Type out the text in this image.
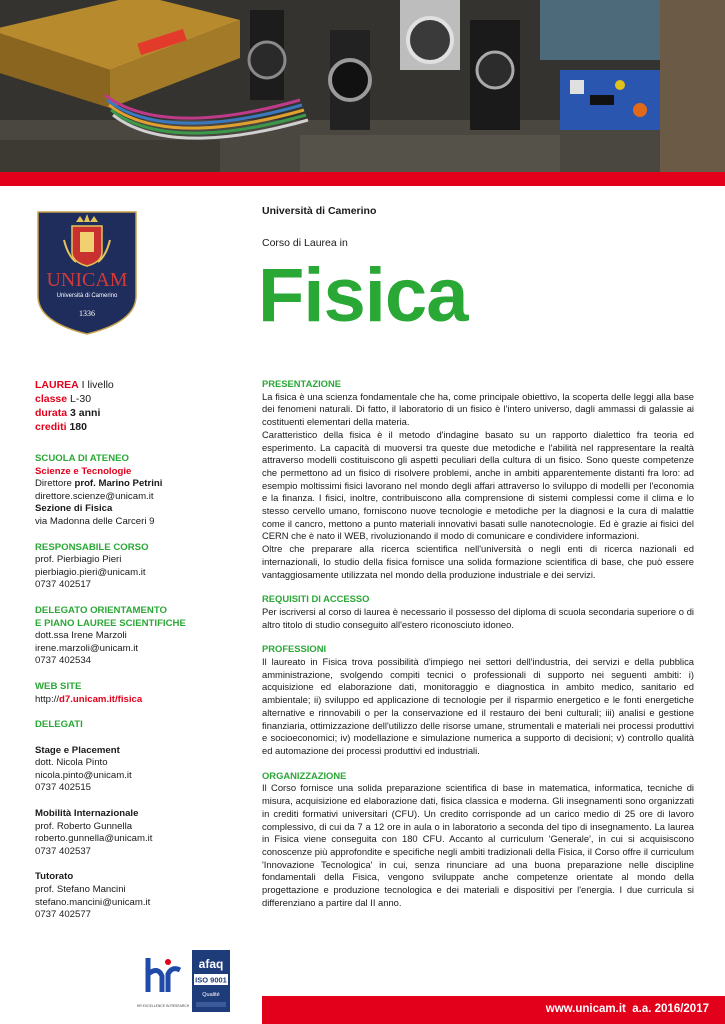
UNICAM
Università di Camerino
1336
Università di Camerino
Corso di Laurea in
Fisica
LAUREA I livello
classe L-30
durata 3 anni
crediti 180
SCUOLA DI ATENEO
Scienze e Tecnologie
Direttore prof. Marino Petrini
direttore.scienze@unicam.it
Sezione di Fisica
via Madonna delle Carceri 9
RESPONSABILE CORSO
prof. Pierbiagio Pieri
pierbiagio.pieri@unicam.it
0737 402517
DELEGATO ORIENTAMENTO
E PIANO LAUREE SCIENTIFICHE
dott.ssa Irene Marzoli
irene.marzoli@unicam.it
0737 402534
WEB SITE
http://d7.unicam.it/fisica
DELEGATI
Stage e Placement
dott. Nicola Pinto
nicola.pinto@unicam.it
0737 402515
Mobilità Internazionale
prof. Roberto Gunnella
roberto.gunnella@unicam.it
0737 402537
Tutorato
prof. Stefano Mancini
stefano.mancini@unicam.it
0737 402577
PRESENTAZIONE
La fisica è una scienza fondamentale che ha, come principale obiettivo, la scoperta delle leggi alla base dei fenomeni naturali. Di fatto, il laboratorio di un fisico è l'intero universo, dagli ammassi di galassie ai costituenti elementari della materia.
Caratteristico della fisica è il metodo d'indagine basato su un rapporto dialettico fra teoria ed esperimento. La capacità di muoversi tra queste due metodiche e l'abilità nel rappresentare la realtà attraverso modelli costituiscono gli aspetti peculiari della cultura di un fisico. Sono queste competenze che permettono ad un fisico di risolvere problemi, anche in ambiti apparentemente distanti fra loro: ad esempio moltissimi fisici lavorano nel mondo degli affari attraverso lo sviluppo di modelli per l'economia e la finanza. I fisici, inoltre, contribuiscono alla comprensione di sistemi complessi come il clima e lo stesso cervello umano, forniscono nuove tecnologie e metodiche per la diagnosi e la cura di malattie come il cancro, mettono a punto materiali innovativi basati sulle nanotecnologie. Ed è grazie ai fisici del CERN che è nato il WEB, rivoluzionando il modo di comunicare e condividere informazioni.
Oltre che preparare alla ricerca scientifica nell'università o negli enti di ricerca nazionali ed internazionali, lo studio della fisica fornisce una solida formazione scientifica di base, che può essere vantaggiosamente utilizzata nel mondo della produzione industriale e dei servizi.
REQUISITI DI ACCESSO
Per iscriversi al corso di laurea è necessario il possesso del diploma di scuola secondaria superiore o di altro titolo di studio conseguito all'estero riconosciuto idoneo.
PROFESSIONI
Il laureato in Fisica trova possibilità d'impiego nei settori dell'industria, dei servizi e della pubblica amministrazione, svolgendo compiti tecnici o professionali di supporto nei seguenti ambiti: i) acquisizione ed elaborazione dati, monitoraggio e diagnostica in ambito medico, sanitario ed ambientale; ii) sviluppo ed applicazione di tecnologie per il risparmio energetico e le fonti energetiche alternative e rinnovabili o per la conservazione ed il restauro dei beni culturali; iii) analisi e gestione finanziaria, ottimizzazione dell'utilizzo delle risorse umane, strumentali e materiali nei processi produttivi e socioeconomici; iv) modellazione e simulazione numerica a supporto di decisioni; v) controllo qualità ed automazione dei processi produttivi ed industriali.
ORGANIZZAZIONE
Il Corso fornisce una solida preparazione scientifica di base in matematica, informatica, tecniche di misura, acquisizione ed elaborazione dati, fisica classica e moderna. Gli insegnamenti sono organizzati in crediti formativi universitari (CFU). Un credito corrisponde ad un carico medio di 25 ore di lavoro complessivo, di cui da 7 a 12 ore in aula o in laboratorio a seconda del tipo di insegnamento. La laurea in Fisica viene conseguita con 180 CFU. Accanto al curriculum 'Generale', in cui si acquisiscono conoscenze più approfondite e specifiche negli ambiti tradizionali della Fisica, il Corso offre il curriculum 'Innovazione Tecnologica' in cui, senza rinunciare ad una buona preparazione nelle discipline fondamentali della Fisica, vengono sviluppate anche competenze orientate al mondo della progettazione e produzione tecnologica e dei materiali e dispositivi per l'energia. I due curricula si differenziano a partire dal II anno.
HR EXCELLENCE IN RESEARCH
afaq
ISO 9001
Qualité
www.unicam.it a.a. 2016/2017
